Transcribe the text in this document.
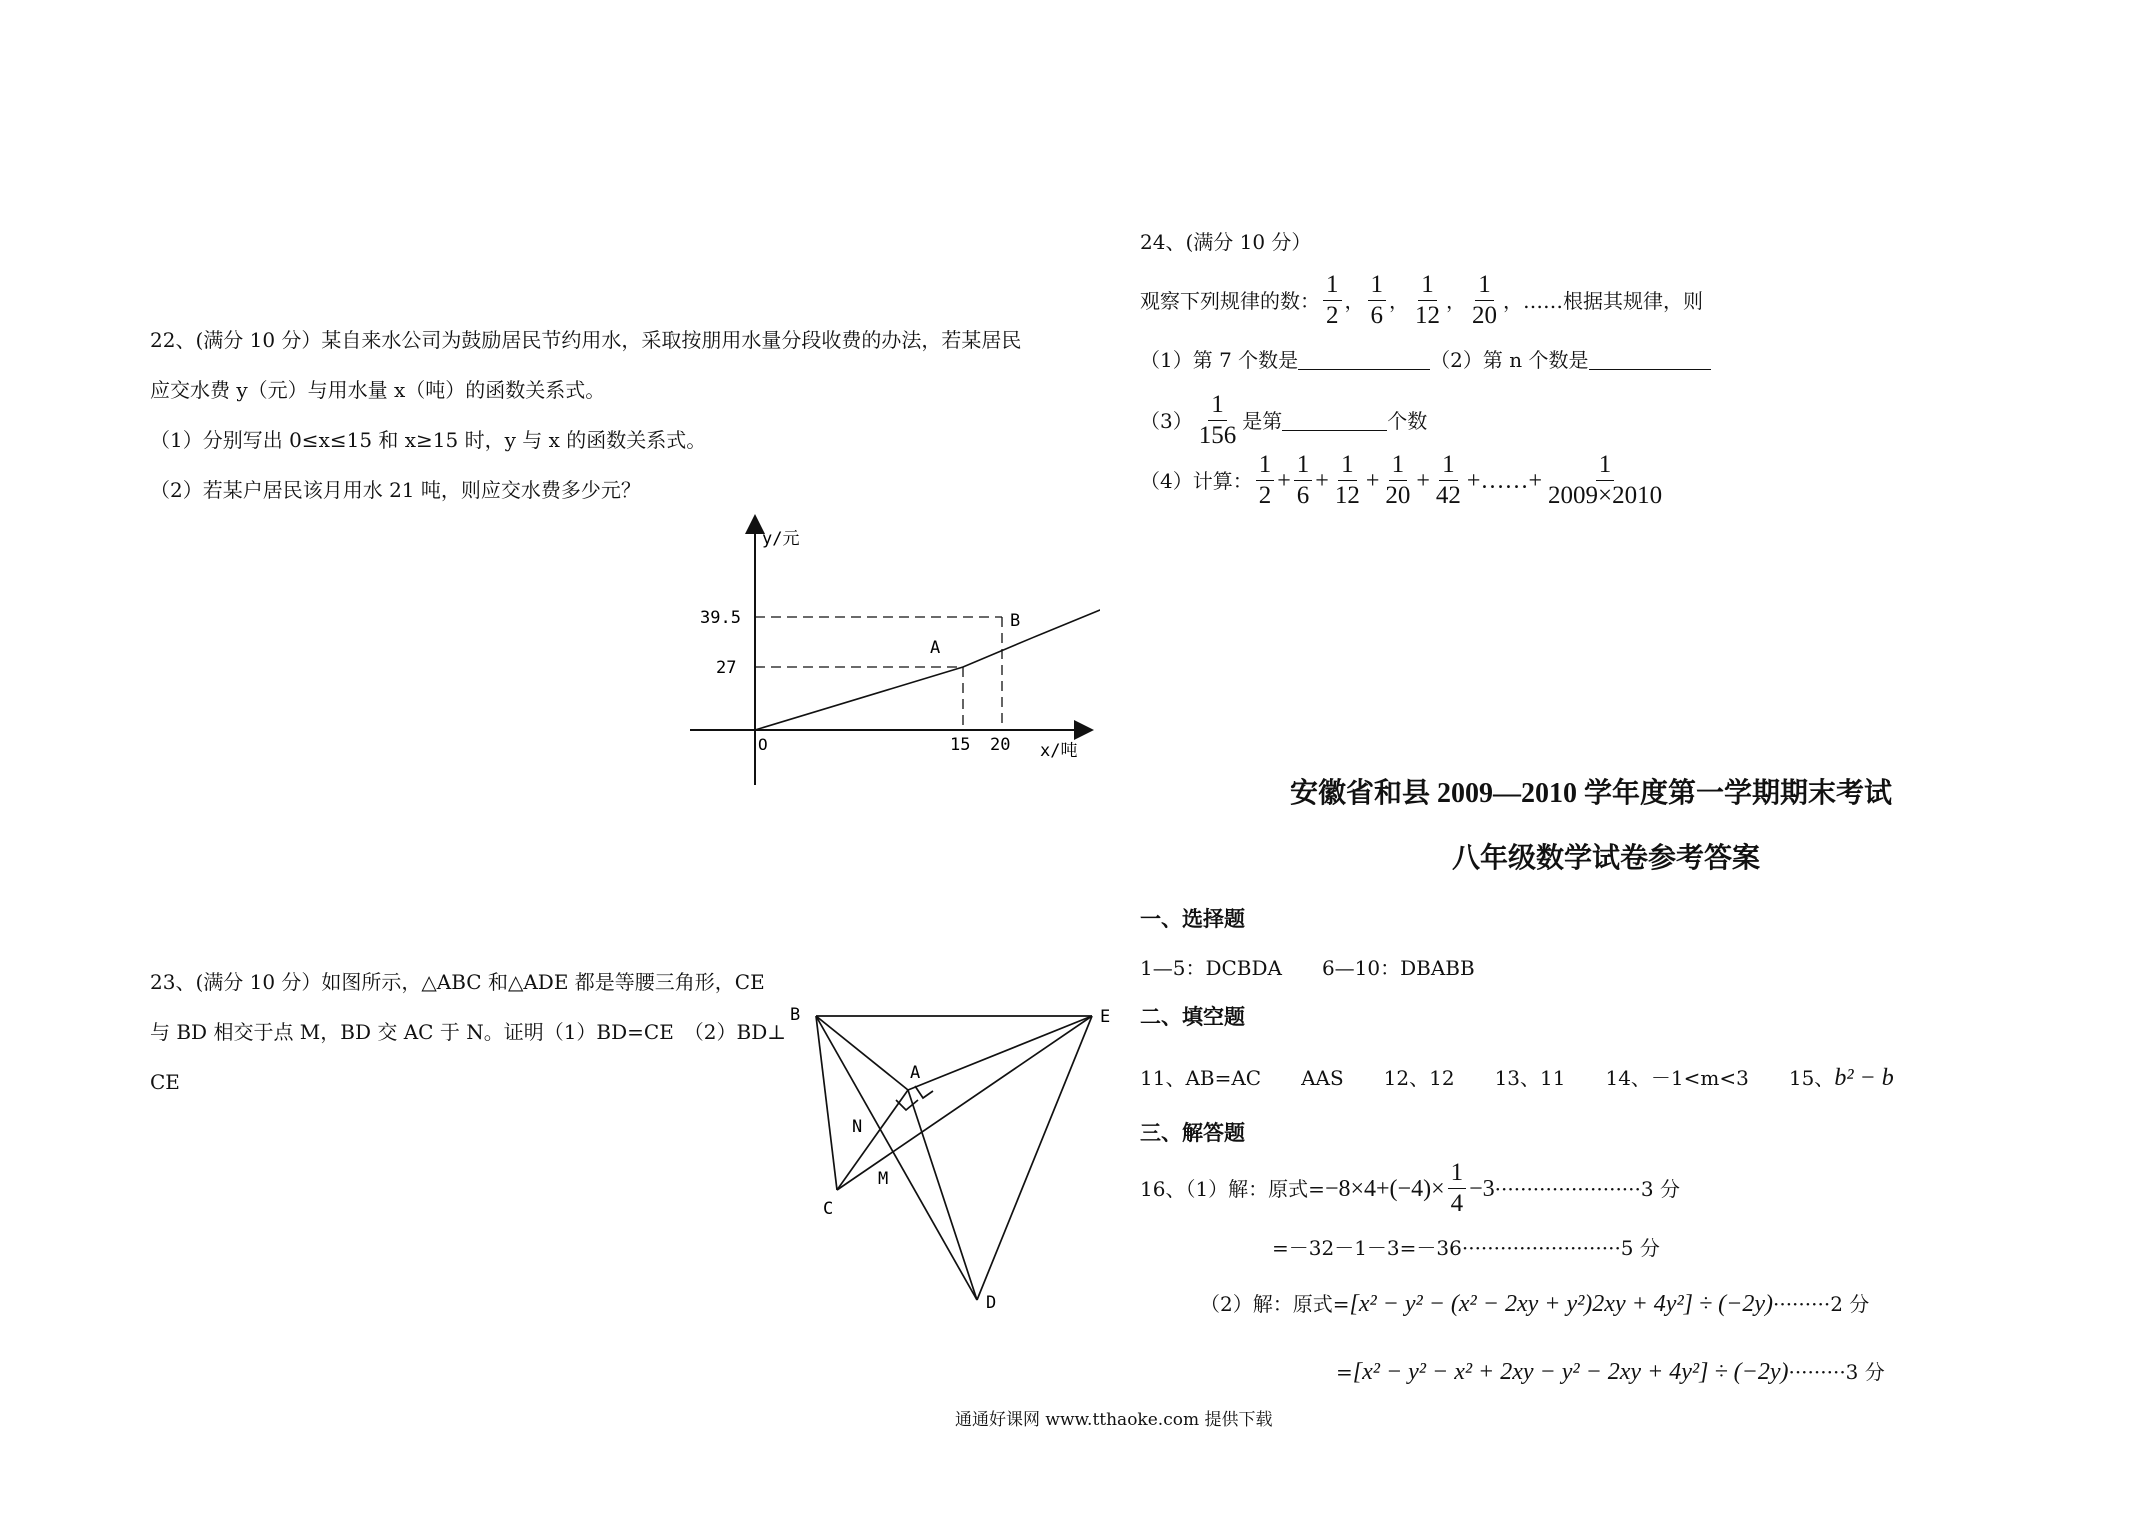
22、(满分 10 分）某自来水公司为鼓励居民节约用水，采取按朋用水量分段收费的办法，若某居民
应交水费 y（元）与用水量 x（吨）的函数关系式。
（1）分别写出 0≤x≤15 和 x≥15 时，y 与 x 的函数关系式。
（2）若某户居民该月用水 21 吨，则应交水费多少元？
y/元
x/吨
O
39.5
27
15 20
A
B
23、(满分 10 分）如图所示，△ABC 和△ADE 都是等腰三角形，CE
与 BD 相交于点 M，BD 交 AC 于 N。证明（1）BD=CE　（2）BD⊥
CE
B	E
A
N
M
C
D
24、(满分 10 分）
观察下列规律的数： $\frac{1}{2}$ ， $\frac{1}{6}$ ， $\frac{1}{12}$ ， $\frac{1}{20}$ ，……根据其规律，则
（1）第 7 个数是	（2）第 n 个数是
$(3) \frac{1}{156}$ 是第	个数
（4）计算： $\frac{1}{2} + \frac{1}{6} + \frac{1}{12} + \frac{1}{20} + \frac{1}{42}$ +……+ $\frac{1}{2009\times 2010}$
安徽省和县 2009—2010 学年度第一学期期末考试
八年级数学试卷参考答案
一、选择题
1—5：DCBDA　　6—10：DBABB
二、填空题
11、AB=AC　　AAS　　12、12　　13、11　　14、－1<m<3　　15、b² − b
三、解答题
16、（1）解：原式= $-8\times 4+(-4)\times \frac{1}{4} -3 \cdot\cdot\cdot\cdot\cdot\cdot\cdot\cdot\cdot\cdot\cdot\cdot\cdot\cdot\cdot\cdot\cdot\cdot\cdot\cdot\cdot\cdot\cdot 3$ 分
=－32－1－3=－36·························5 分
（2）解：原式=[x² − y² − (x² − 2xy + y²)2xy + 4y²] ÷ (−2y)·········2 分
=[x² − y² − x² + 2xy − y² − 2xy + 4y²] ÷ (−2y)·········3 分
通通好课网 www.tthaoke.com 提供下载
